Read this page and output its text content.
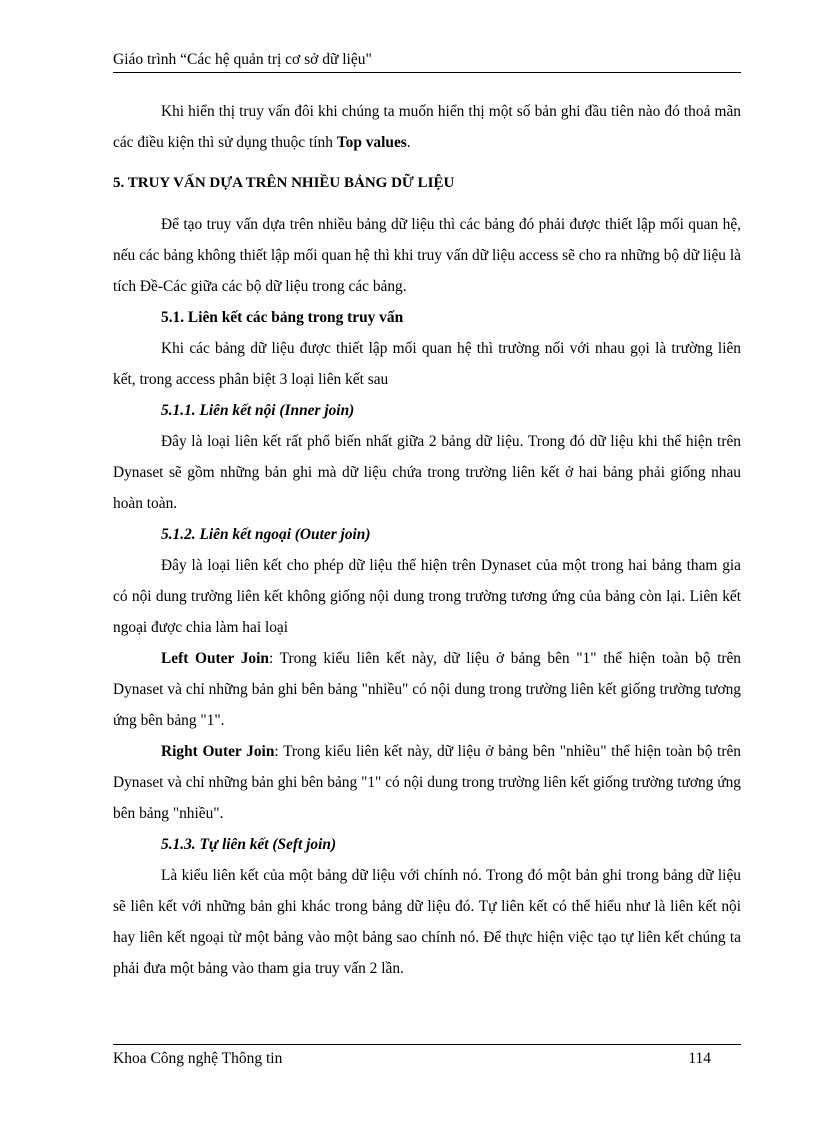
Giáo trình “Các hệ quản trị cơ sở dữ liệu"

Khi hiển thị truy vấn đôi khi chúng ta muốn hiển thị một số bản ghi đầu tiên nào đó thoả mãn các điều kiện thì sử dụng thuộc tính Top values.

5. TRUY VẤN DỰA TRÊN NHIỀU BẢNG DỮ LIỆU

Để tạo truy vấn dựa trên nhiều bảng dữ liệu thì các bảng đó phải được thiết lập mối quan hệ, nếu các bảng không thiết lập mối quan hệ thì khi truy vấn dữ liệu access sẽ cho ra những bộ dữ liệu là tích Đề-Các giữa các bộ dữ liệu trong các bảng.

5.1. Liên kết các bảng trong truy vấn

Khi các bảng dữ liệu được thiết lập mối quan hệ thì trường nối với nhau gọi là trường liên kết, trong access phân biệt 3 loại liên kết sau

5.1.1. Liên kết nội (Inner join)

Đây là loại liên kết rất phổ biến nhất giữa 2 bảng dữ liệu. Trong đó dữ liệu khi thể hiện trên Dynaset sẽ gồm những bản ghi mà dữ liệu chứa trong trường liên kết ở hai bảng phải giống nhau hoàn toàn.

5.1.2. Liên kết ngoại (Outer join)

Đây là loại liên kết cho phép dữ liệu thể hiện trên Dynaset của một trong hai bảng tham gia có nội dung trường liên kết không giống nội dung trong trường tương ứng của bảng còn lại. Liên kết ngoại được chia làm hai loại

Left Outer Join: Trong kiểu liên kết này, dữ liệu ở bảng bên "1" thể hiện toàn bộ trên Dynaset và chỉ những bản ghi bên bảng "nhiều" có nội dung trong trường liên kết giống trường tương ứng bên bảng "1".

Right Outer Join: Trong kiểu liên kết này, dữ liệu ở bảng bên "nhiều" thể hiện toàn bộ trên Dynaset và chỉ những bản ghi bên bảng "1" có nội dung trong trường liên kết giống trường tương ứng bên bảng "nhiều".

5.1.3. Tự liên kết (Seft join)

Là kiểu liên kết của một bảng dữ liệu với chính nó. Trong đó một bản ghi trong bảng dữ liệu sẽ liên kết với những bản ghi khác trong bảng dữ liệu đó. Tự liên kết có thể hiểu như là liên kết nội hay liên kết ngoại từ một bảng vào một bảng sao chính nó. Để thực hiện việc tạo tự liên kết chúng ta phải đưa một bảng vào tham gia truy vấn 2 lần.

Khoa Công nghệ Thông tin	114
